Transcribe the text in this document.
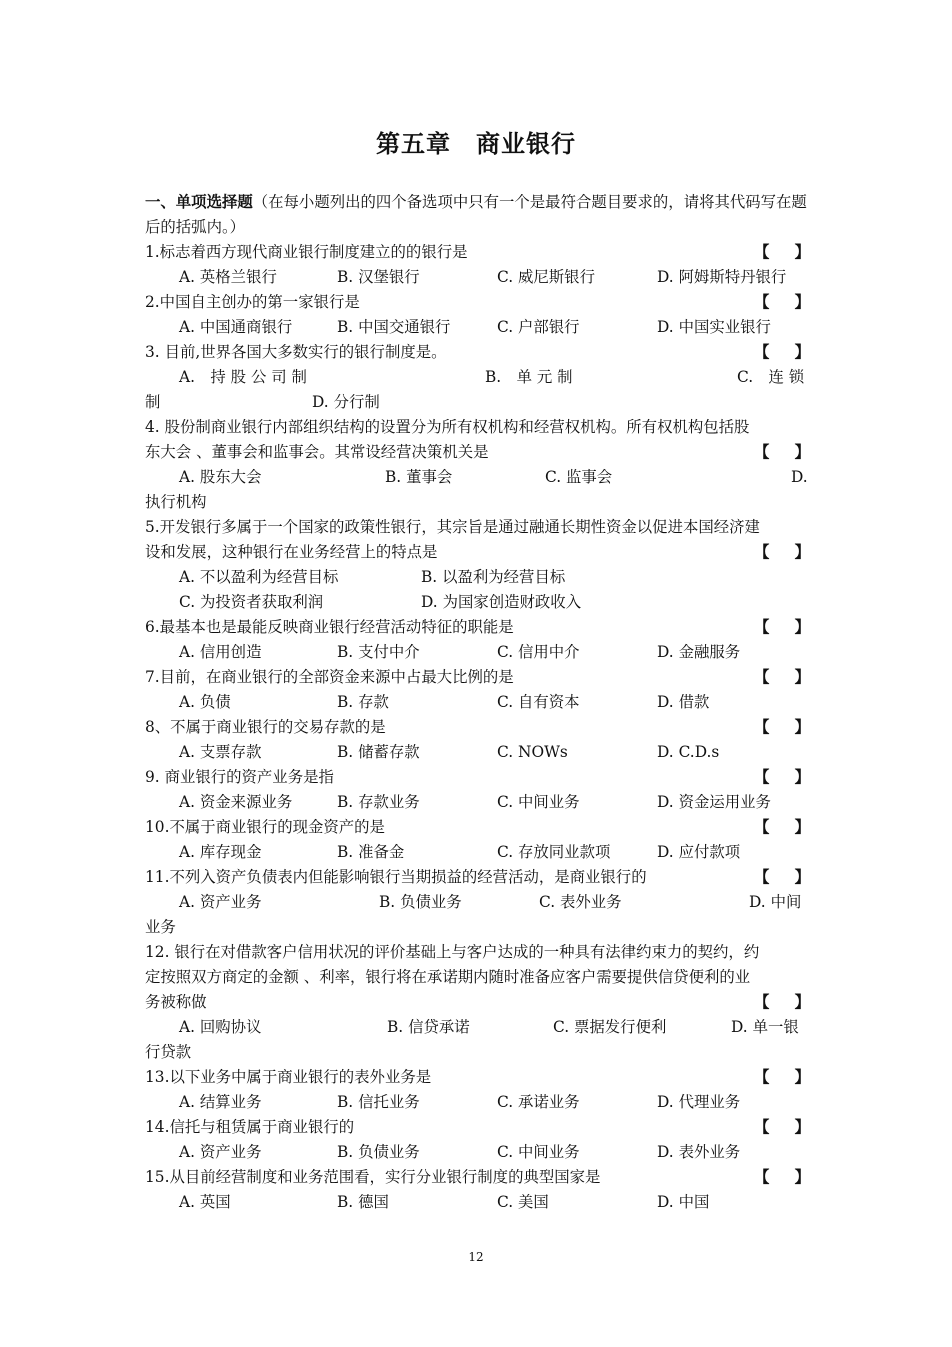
第五章　商业银行
一、单项选择题（在每小题列出的四个备选项中只有一个是最符合题目要求的，请将其代码写在题后的括弧内。）
1.标志着西方现代商业银行制度建立的的银行是	【 】
A. 英格兰银行	B. 汉堡银行	C. 威尼斯银行	D. 阿姆斯特丹银行
2.中国自主创办的第一家银行是	【 】
A. 中国通商银行	B. 中国交通银行	C. 户部银行	D. 中国实业银行
3. 目前,世界各国大多数实行的银行制度是。	【 】
A.　持 股 公 司 制	B.　单 元 制	C.　连 锁
制	D. 分行制
4. 股份制商业银行内部组织结构的设置分为所有权机构和经营权机构。所有权机构包括股
东大会 、董事会和监事会。其常设经营决策机关是	【 】
A. 股东大会	B. 董事会	C. 监事会	D.
执行机构
5.开发银行多属于一个国家的政策性银行，其宗旨是通过融通长期性资金以促进本国经济建
设和发展，这种银行在业务经营上的特点是	【 】
A. 不以盈利为经营目标	B. 以盈利为经营目标
C. 为投资者获取利润	D. 为国家创造财政收入
6.最基本也是最能反映商业银行经营活动特征的职能是	【 】
A. 信用创造	B. 支付中介	C. 信用中介	D. 金融服务
7.目前，在商业银行的全部资金来源中占最大比例的是	【 】
A. 负债	B. 存款	C. 自有资本	D. 借款
8、不属于商业银行的交易存款的是	【 】
A. 支票存款	B. 储蓄存款	C. NOWs	D. C.D.s
9. 商业银行的资产业务是指	【 】
A. 资金来源业务	B. 存款业务	C. 中间业务	D. 资金运用业务
10.不属于商业银行的现金资产的是	【 】
A. 库存现金	B. 准备金	C. 存放同业款项	D. 应付款项
11.不列入资产负债表内但能影响银行当期损益的经营活动，是商业银行的	【 】
A. 资产业务	B. 负债业务	C. 表外业务	D. 中间
业务
12. 银行在对借款客户信用状况的评价基础上与客户达成的一种具有法律约束力的契约，约
定按照双方商定的金额 、利率，银行将在承诺期内随时准备应客户需要提供信贷便利的业
务被称做	【 】
A. 回购协议	B. 信贷承诺	C. 票据发行便利	D. 单一银
行贷款
13.以下业务中属于商业银行的表外业务是	【 】
A. 结算业务	B. 信托业务	C. 承诺业务	D. 代理业务
14.信托与租赁属于商业银行的	【 】
A. 资产业务	B. 负债业务	C. 中间业务	D. 表外业务
15.从目前经营制度和业务范围看，实行分业银行制度的典型国家是	【 】
A. 英国	B. 德国	C. 美国	D. 中国
12
